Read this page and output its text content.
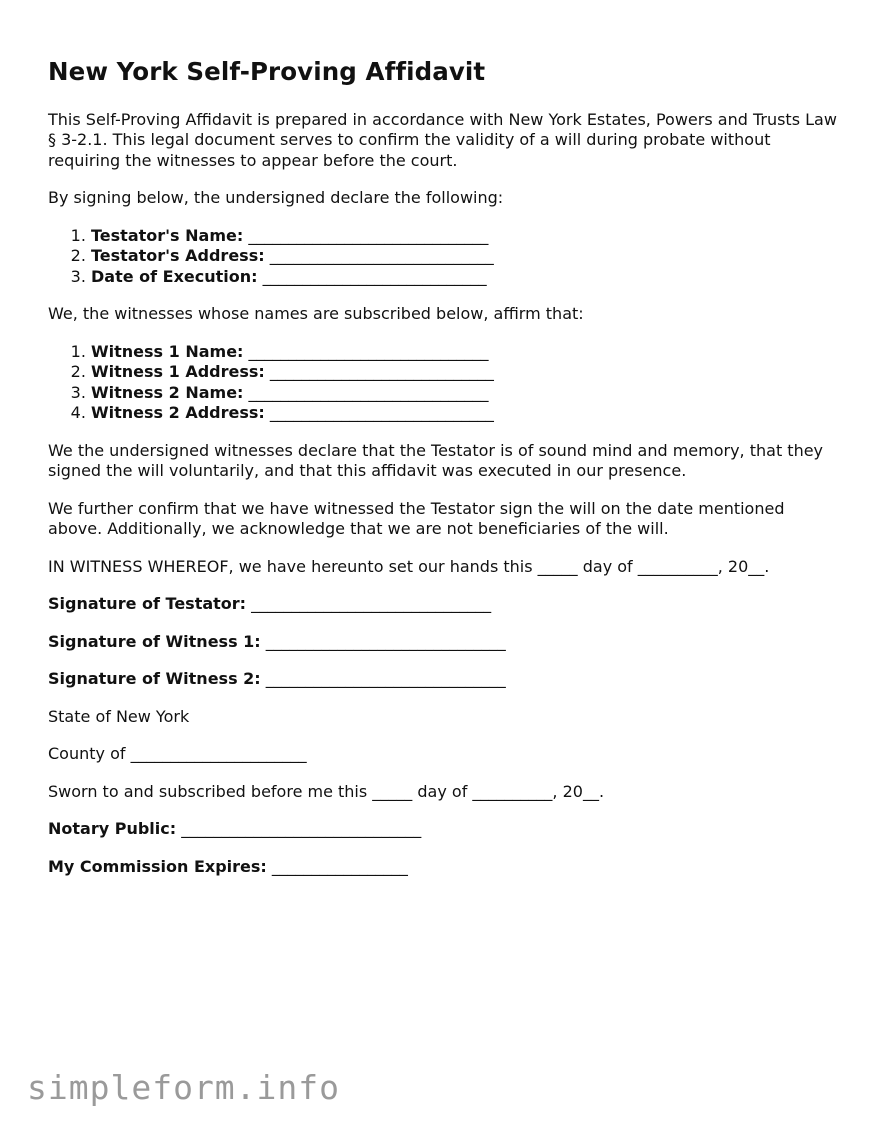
New York Self-Proving Affidavit

This Self-Proving Affidavit is prepared in accordance with New York Estates, Powers and Trusts Law § 3-2.1. This legal document serves to confirm the validity of a will during probate without requiring the witnesses to appear before the court.

By signing below, the undersigned declare the following:

1. Testator's Name: ______________________________
2. Testator's Address: ____________________________
3. Date of Execution: ____________________________

We, the witnesses whose names are subscribed below, affirm that:

1. Witness 1 Name: ______________________________
2. Witness 1 Address: ____________________________
3. Witness 2 Name: ______________________________
4. Witness 2 Address: ____________________________

We the undersigned witnesses declare that the Testator is of sound mind and memory, that they signed the will voluntarily, and that this affidavit was executed in our presence.

We further confirm that we have witnessed the Testator sign the will on the date mentioned above. Additionally, we acknowledge that we are not beneficiaries of the will.

IN WITNESS WHEREOF, we have hereunto set our hands this _____ day of __________, 20__.

Signature of Testator: ______________________________

Signature of Witness 1: ______________________________

Signature of Witness 2: ______________________________

State of New York

County of ______________________

Sworn to and subscribed before me this _____ day of __________, 20__.

Notary Public: ______________________________

My Commission Expires: _________________

simpleform.info
